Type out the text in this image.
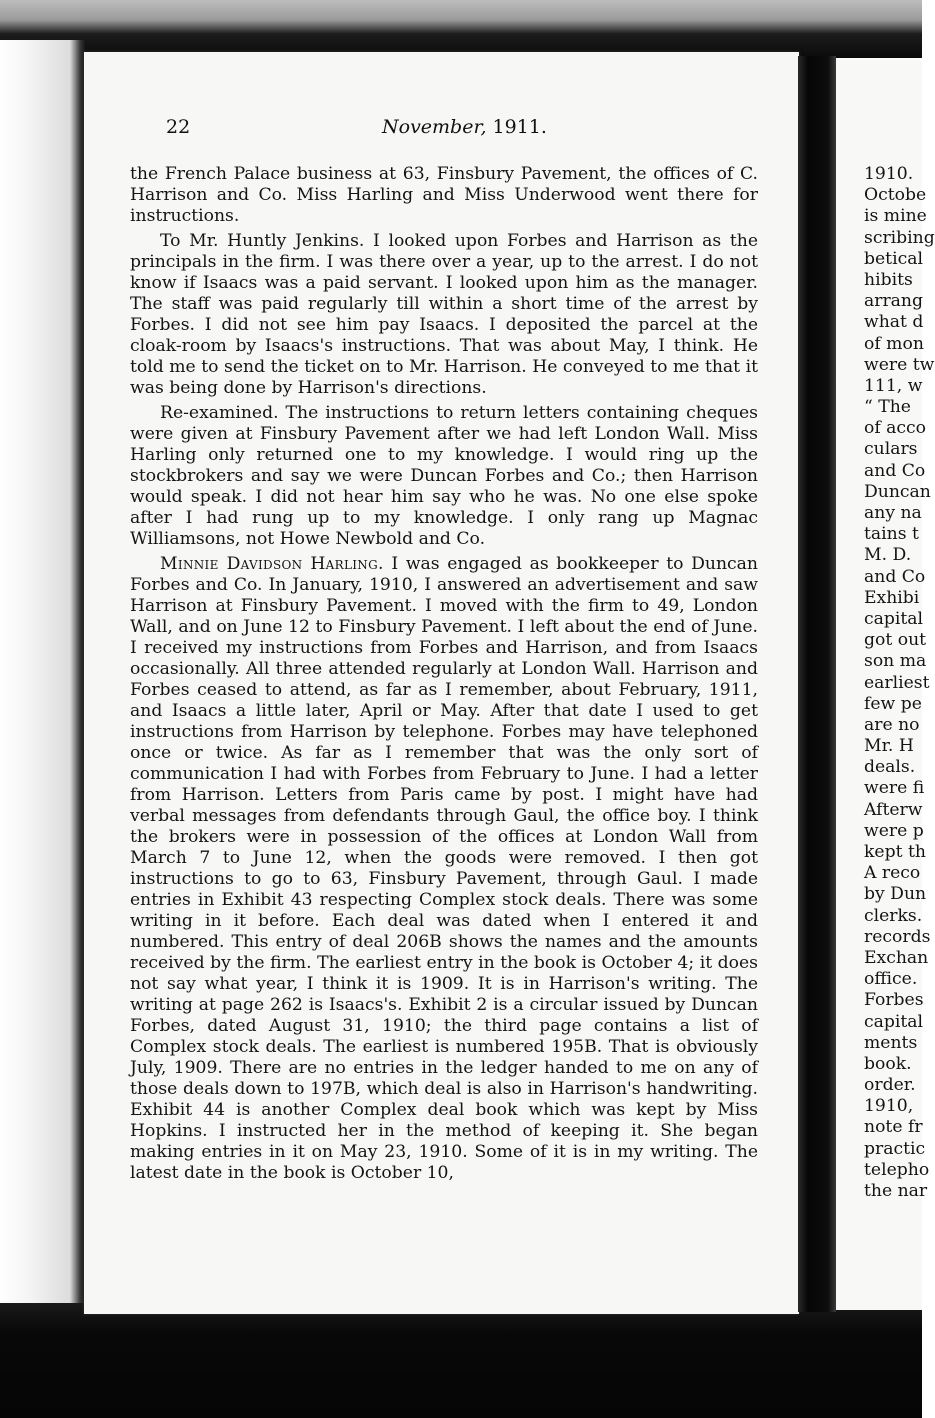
22	November, 1911.

the French Palace business at 63, Finsbury Pavement, the offices of C. Harrison and Co. Miss Harling and Miss Underwood went there for instructions.

To Mr. Huntly Jenkins. I looked upon Forbes and Harrison as the principals in the firm. I was there over a year, up to the arrest. I do not know if Isaacs was a paid servant. I looked upon him as the manager. The staff was paid regularly till within a short time of the arrest by Forbes. I did not see him pay Isaacs. I deposited the parcel at the cloak-room by Isaacs's instructions. That was about May, I think. He told me to send the ticket on to Mr. Harrison. He conveyed to me that it was being done by Harrison's directions.

Re-examined. The instructions to return letters containing cheques were given at Finsbury Pavement after we had left London Wall. Miss Harling only returned one to my knowledge. I would ring up the stockbrokers and say we were Duncan Forbes and Co.; then Harrison would speak. I did not hear him say who he was. No one else spoke after I had rung up to my knowledge. I only rang up Magnac Williamsons, not Howe Newbold and Co.

Minnie Davidson Harling. I was engaged as bookkeeper to Duncan Forbes and Co. In January, 1910, I answered an advertisement and saw Harrison at Finsbury Pavement. I moved with the firm to 49, London Wall, and on June 12 to Finsbury Pavement. I left about the end of June. I received my instructions from Forbes and Harrison, and from Isaacs occasionally. All three attended regularly at London Wall. Harrison and Forbes ceased to attend, as far as I remember, about February, 1911, and Isaacs a little later, April or May. After that date I used to get instructions from Harrison by telephone. Forbes may have telephoned once or twice. As far as I remember that was the only sort of communication I had with Forbes from February to June. I had a letter from Harrison. Letters from Paris came by post. I might have had verbal messages from defendants through Gaul, the office boy. I think the brokers were in possession of the offices at London Wall from March 7 to June 12, when the goods were removed. I then got instructions to go to 63, Finsbury Pavement, through Gaul. I made entries in Exhibit 43 respecting Complex stock deals. There was some writing in it before. Each deal was dated when I entered it and numbered. This entry of deal 206B shows the names and the amounts received by the firm. The earliest entry in the book is October 4; it does not say what year, I think it is 1909. It is in Harrison's writing. The writing at page 262 is Isaacs's. Exhibit 2 is a circular issued by Duncan Forbes, dated August 31, 1910; the third page contains a list of Complex stock deals. The earliest is numbered 195B. That is obviously July, 1909. There are no entries in the ledger handed to me on any of those deals down to 197B, which deal is also in Harrison's handwriting. Exhibit 44 is another Complex deal book which was kept by Miss Hopkins. I instructed her in the method of keeping it. She began making entries in it on May 23, 1910. Some of it is in my writing. The latest date in the book is October 10,

1910.
Octobe
is mine
scribing
betical
hibits
arrang
what d
of mon
were tw
111, w
“ The
of acco
culars
and Co
Duncan
any na
tains t
M. D.
and Co
Exhibi
capital
got out
son ma
earliest
few pe
are no
Mr. H
deals.
were fi
Afterw
were p
kept th
A reco
by Dun
clerks.
records
Exchan
office.
Forbes
capital
ments
book.
order.
1910,
note fr
practic
telepho
the nar
